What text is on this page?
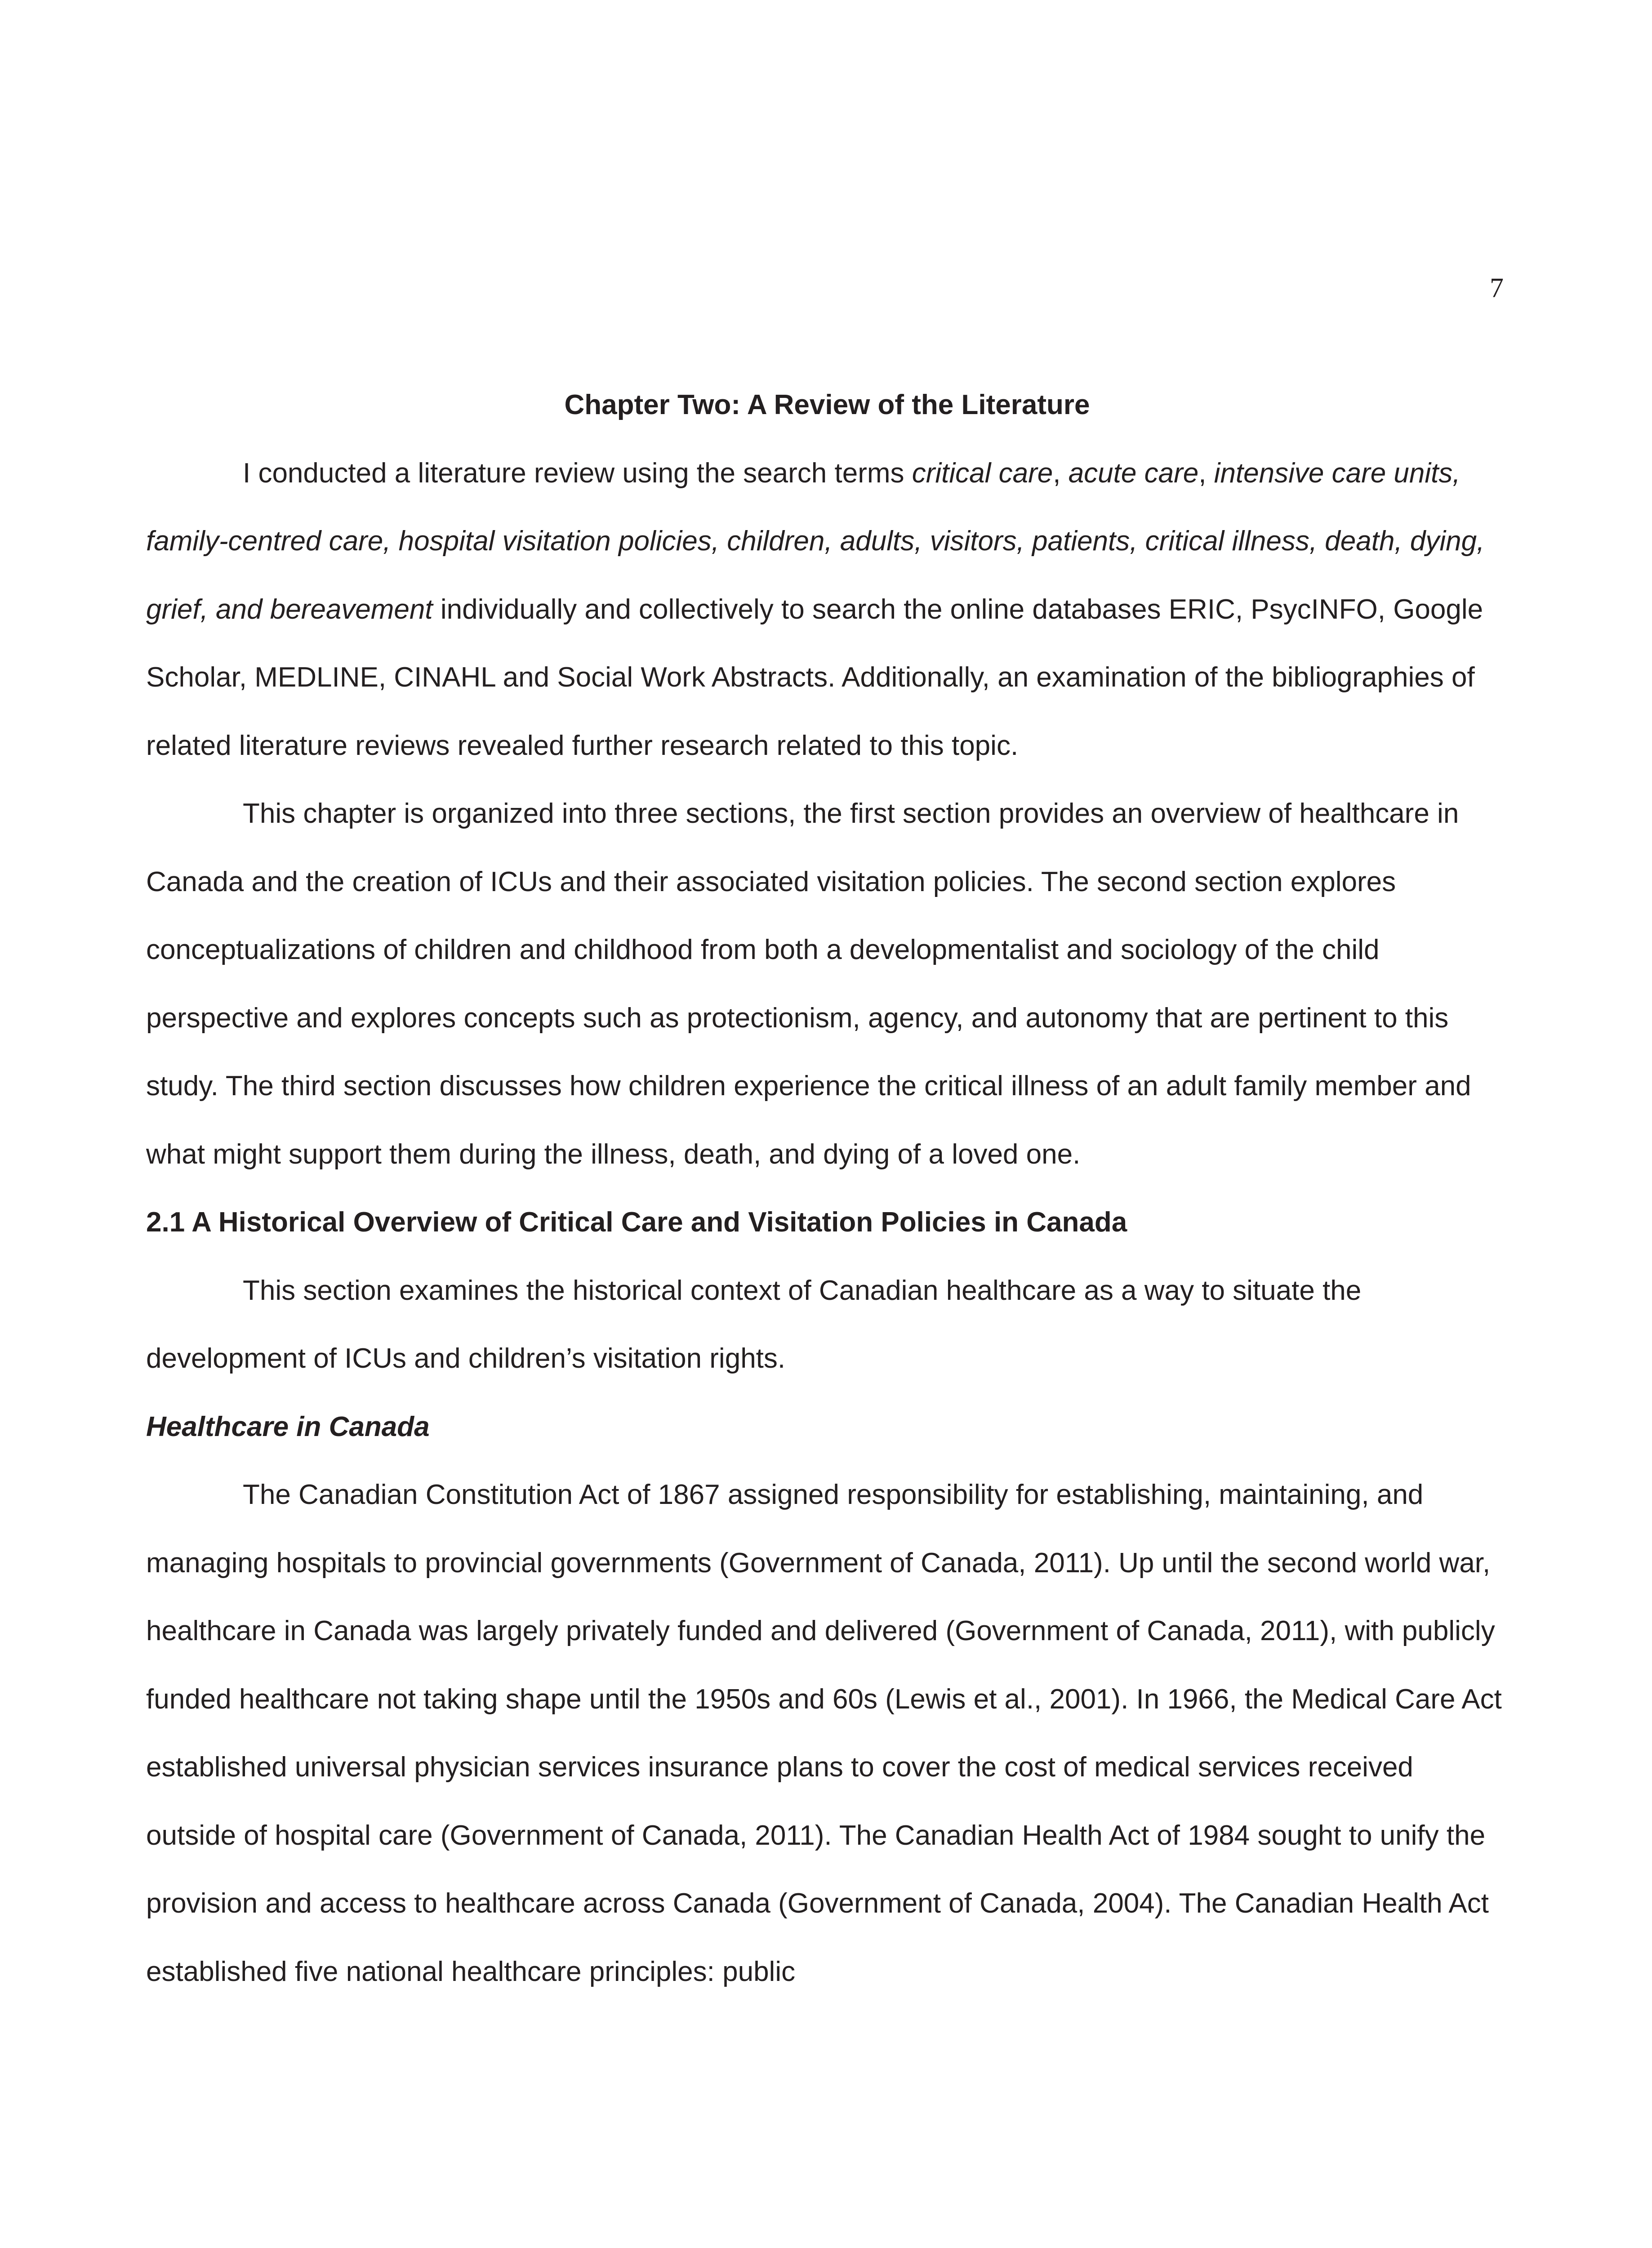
7
Chapter Two: A Review of the Literature

I conducted a literature review using the search terms critical care, acute care, intensive care units, family-centred care, hospital visitation policies, children, adults, visitors, patients, critical illness, death, dying, grief, and bereavement individually and collectively to search the online databases ERIC, PsycINFO, Google Scholar, MEDLINE, CINAHL and Social Work Abstracts. Additionally, an examination of the bibliographies of related literature reviews revealed further research related to this topic.

This chapter is organized into three sections, the first section provides an overview of healthcare in Canada and the creation of ICUs and their associated visitation policies. The second section explores conceptualizations of children and childhood from both a developmentalist and sociology of the child perspective and explores concepts such as protectionism, agency, and autonomy that are pertinent to this study. The third section discusses how children experience the critical illness of an adult family member and what might support them during the illness, death, and dying of a loved one.

2.1 A Historical Overview of Critical Care and Visitation Policies in Canada

This section examines the historical context of Canadian healthcare as a way to situate the development of ICUs and children’s visitation rights.

Healthcare in Canada

The Canadian Constitution Act of 1867 assigned responsibility for establishing, maintaining, and managing hospitals to provincial governments (Government of Canada, 2011). Up until the second world war, healthcare in Canada was largely privately funded and delivered (Government of Canada, 2011), with publicly funded healthcare not taking shape until the 1950s and 60s (Lewis et al., 2001). In 1966, the Medical Care Act established universal physician services insurance plans to cover the cost of medical services received outside of hospital care (Government of Canada, 2011). The Canadian Health Act of 1984 sought to unify the provision and access to healthcare across Canada (Government of Canada, 2004). The Canadian Health Act established five national healthcare principles: public
